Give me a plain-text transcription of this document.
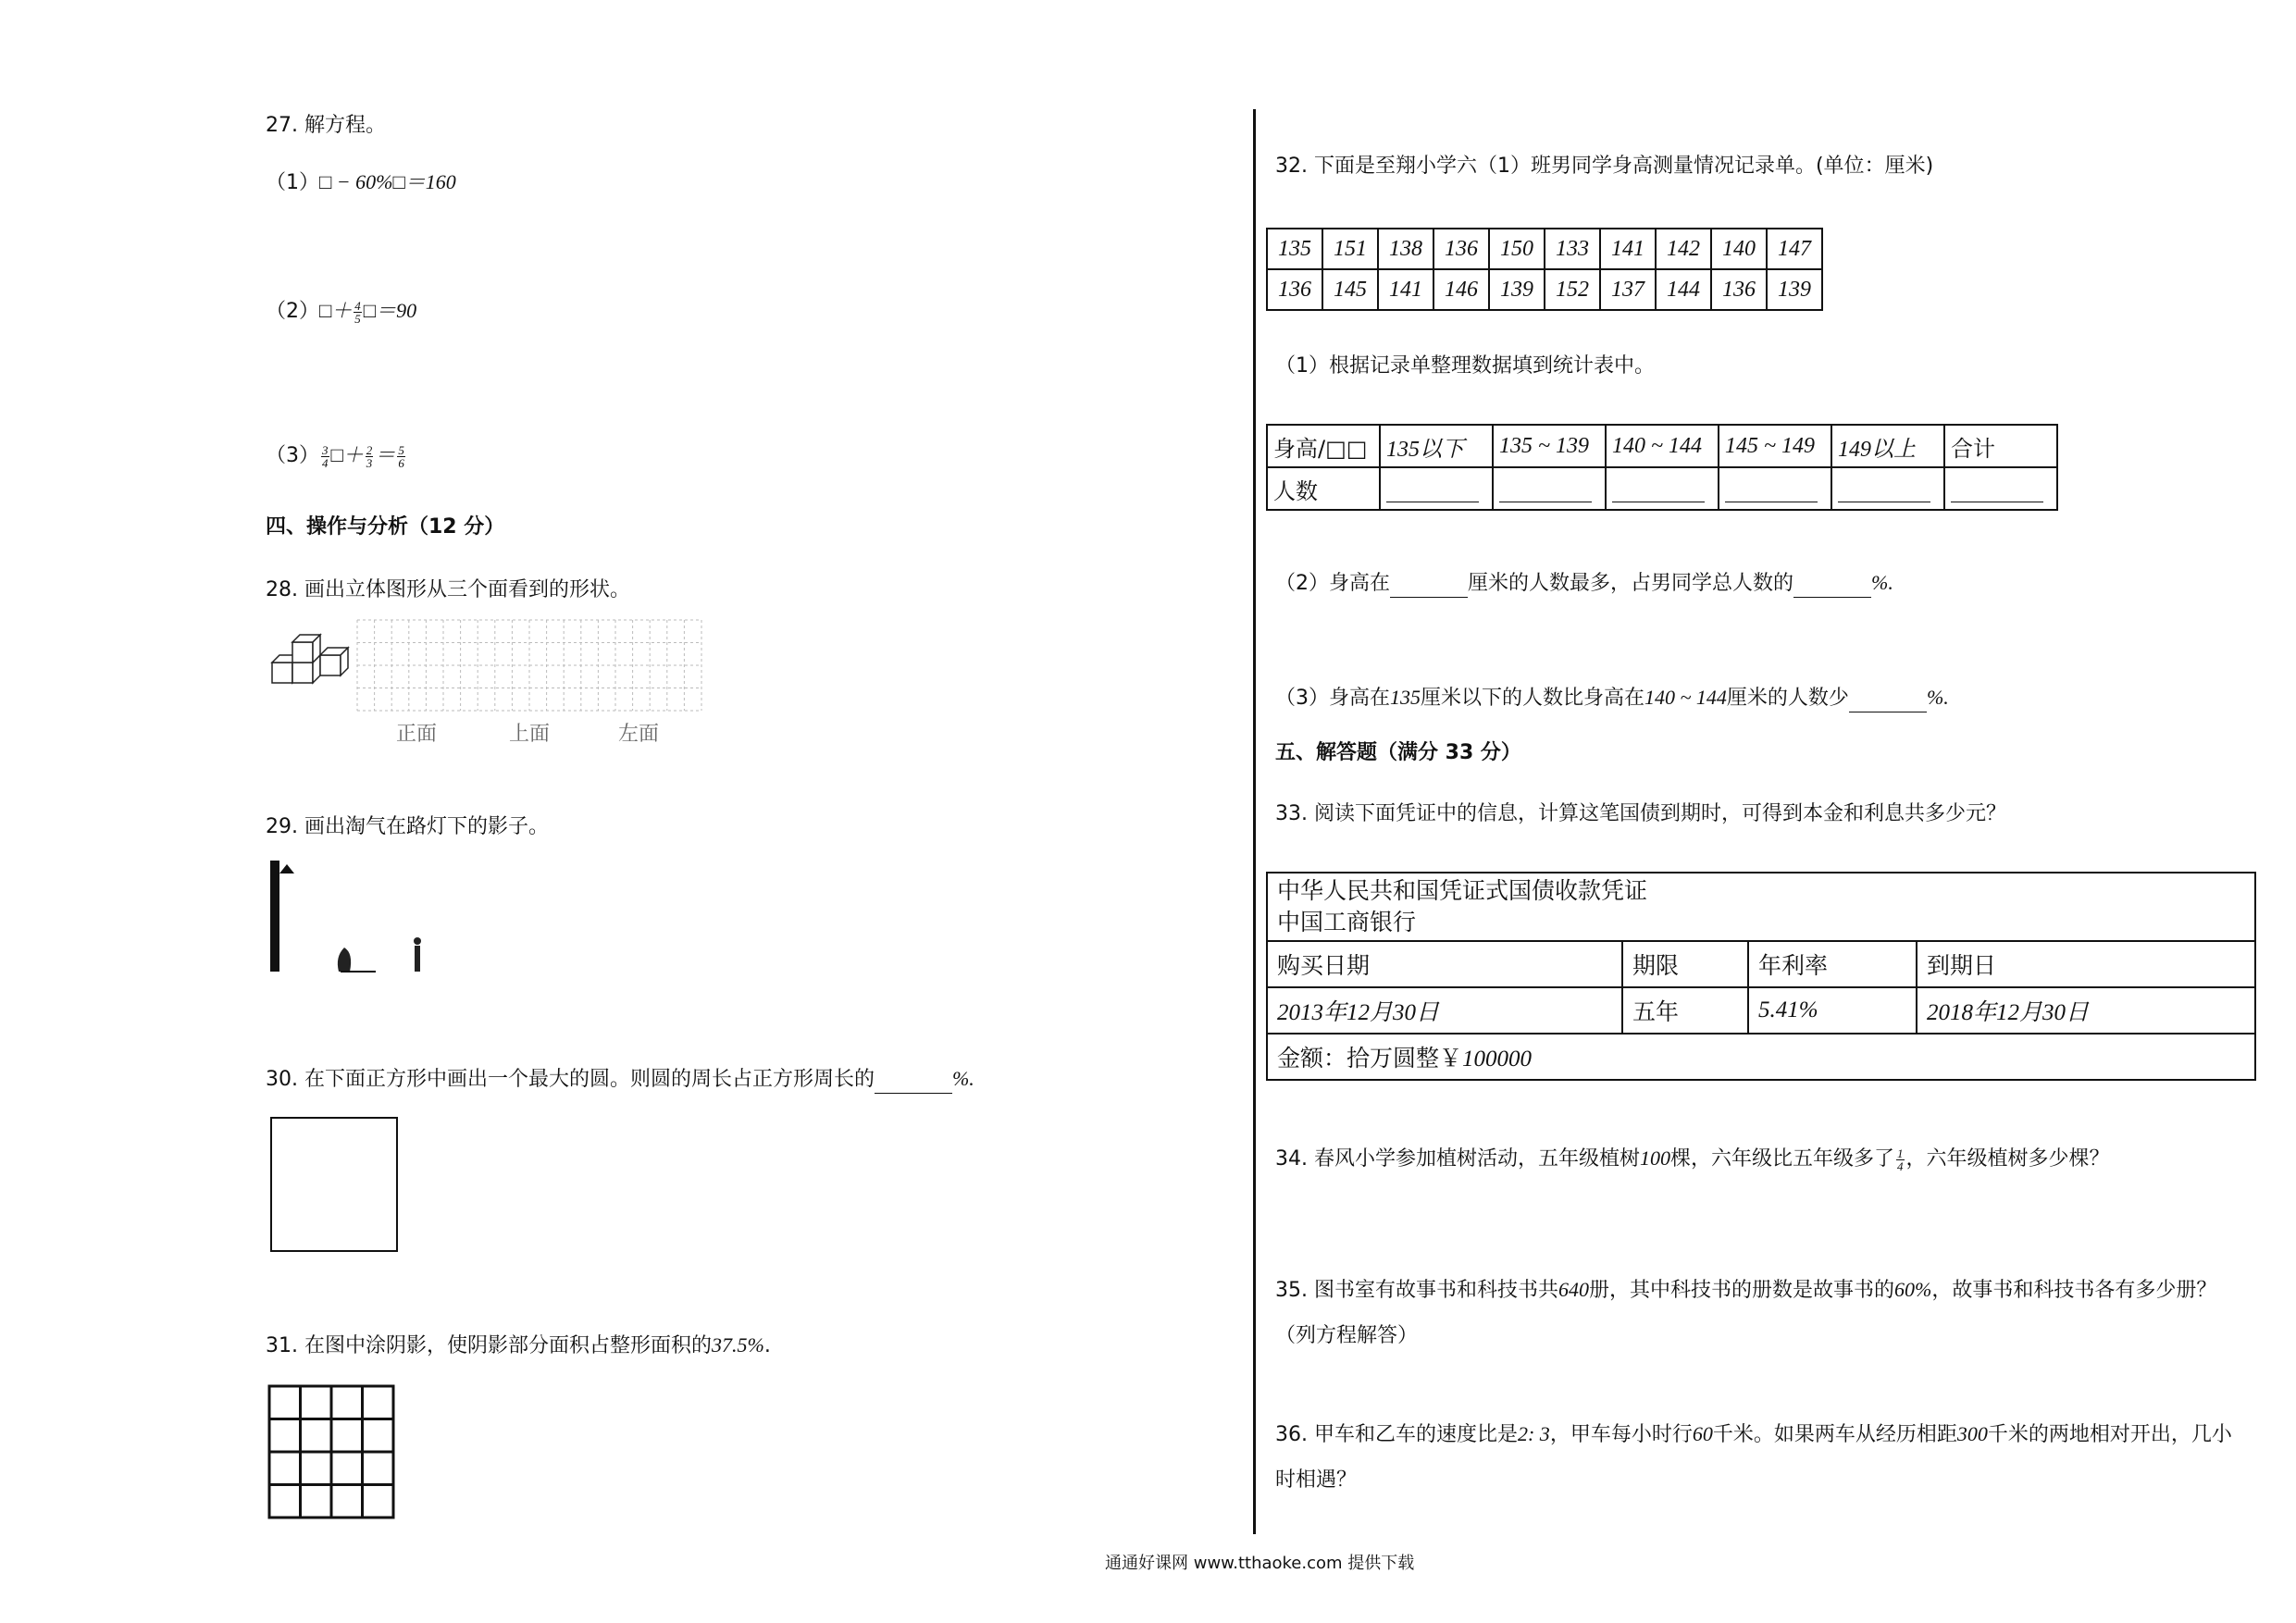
27. 解方程。
（1）□ − 60%□＝160
（2）□＋ $\frac{4}{5}$ □＝90
$(3) \frac{3}{4}$ □＋ $\frac{2}{3} = \frac{5}{6}$
四、操作与分析（12 分）
28. 画出立体图形从三个面看到的形状。
正面	上面	左面
29. 画出淘气在路灯下的影子。
30. 在下面正方形中画出一个最大的圆。则圆的周长占正方形周长的	%.
31. 在图中涂阴影，使阴影部分面积占整形面积的37.5%.
32. 下面是至翔小学六（1）班男同学身高测量情况记录单。(单位：厘米)
135	151	138	136	150	133	141	142	140	147
136	145	141	146	139	152	137	144	136	139
（1）根据记录单整理数据填到统计表中。
身高/□□	135以下	135 ~ 139	140 ~ 144	145 ~ 149	149以上	合计
人数						
（2）身高在	厘米的人数最多，占男同学总人数的	%.
（3）身高在135厘米以下的人数比身高在140 ~ 144厘米的人数少	%.
五、解答题（满分 33 分）
33. 阅读下面凭证中的信息，计算这笔国债到期时，可得到本金和利息共多少元？
中华人民共和国凭证式国债收款凭证
中国工商银行			

购买日期	期限	年利率	到期日
2013年12月30日	五年	5.41%	2018年12月30日
金额：拾万圆整￥100000			
34. 春风小学参加植树活动，五年级植树100棵，六年级比五年级多了 $\frac{1}{4}$ ，六年级植树多少棵？
35. 图书室有故事书和科技书共640册，其中科技书的册数是故事书的60%，故事书和科技书各有多少册？
（列方程解答）
36. 甲车和乙车的速度比是2: 3，甲车每小时行60千米。如果两车从经历相距300千米的两地相对开出，几小
时相遇？
通通好课网 www.tthaoke.com 提供下载
